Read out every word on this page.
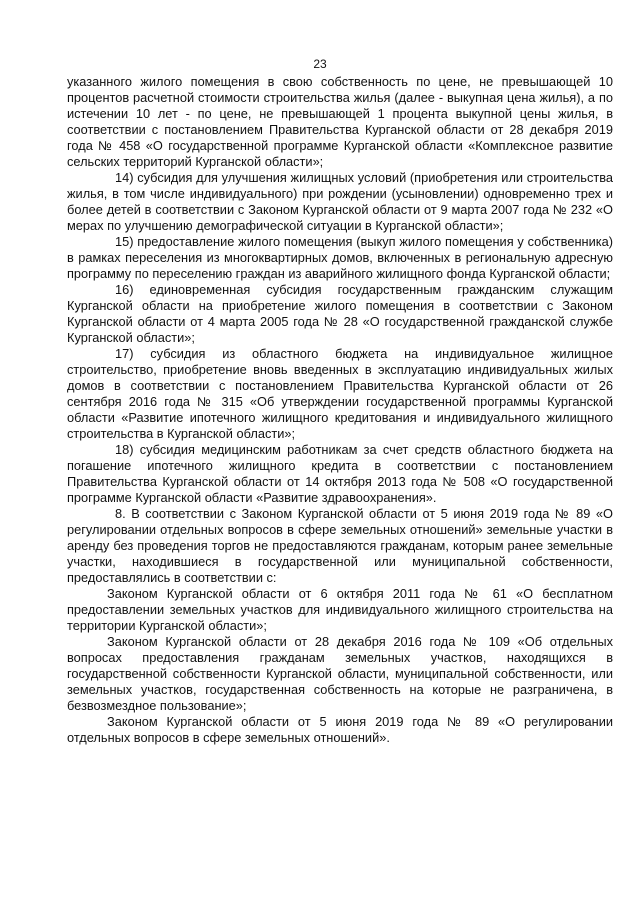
23

указанного жилого помещения в свою собственность по цене, не превышающей 10 процентов расчетной стоимости строительства жилья (далее - выкупная цена жилья), а по истечении 10 лет - по цене, не превышающей 1 процента выкупной цены жилья, в соответствии с постановлением Правительства Курганской области от 28 декабря 2019 года № 458 «О государственной программе Курганской области «Комплексное развитие сельских территорий Курганской области»;

14) субсидия для улучшения жилищных условий (приобретения или строительства жилья, в том числе индивидуального) при рождении (усыновлении) одновременно трех и более детей в соответствии с Законом Курганской области от 9 марта 2007 года № 232 «О мерах по улучшению демографической ситуации в Курганской области»;

15) предоставление жилого помещения (выкуп жилого помещения у собственника) в рамках переселения из многоквартирных домов, включенных в региональную адресную программу по переселению граждан из аварийного жилищного фонда Курганской области;

16) единовременная субсидия государственным гражданским служащим Курганской области на приобретение жилого помещения в соответствии с Законом Курганской области от 4 марта 2005 года № 28 «О государственной гражданской службе Курганской области»;

17) субсидия из областного бюджета на индивидуальное жилищное строительство, приобретение вновь введенных в эксплуатацию индивидуальных жилых домов в соответствии с постановлением Правительства Курганской области от 26 сентября 2016 года № 315 «Об утверждении государственной программы Курганской области «Развитие ипотечного жилищного кредитования и индивидуального жилищного строительства в Курганской области»;

18) субсидия медицинским работникам за счет средств областного бюджета на погашение ипотечного жилищного кредита в соответствии с постановлением Правительства Курганской области от 14 октября 2013 года № 508 «О государственной программе Курганской области «Развитие здравоохранения».

8. В соответствии с Законом Курганской области от 5 июня 2019 года № 89 «О регулировании отдельных вопросов в сфере земельных отношений» земельные участки в аренду без проведения торгов не предоставляются гражданам, которым ранее земельные участки, находившиеся в государственной или муниципальной собственности, предоставлялись в соответствии с:

Законом Курганской области от 6 октября 2011 года № 61 «О бесплатном предоставлении земельных участков для индивидуального жилищного строительства на территории Курганской области»;

Законом Курганской области от 28 декабря 2016 года № 109 «Об отдельных вопросах предоставления гражданам земельных участков, находящихся в государственной собственности Курганской области, муниципальной собственности, или земельных участков, государственная собственность на которые не разграничена, в безвозмездное пользование»;

Законом Курганской области от 5 июня 2019 года № 89 «О регулировании отдельных вопросов в сфере земельных отношений».
